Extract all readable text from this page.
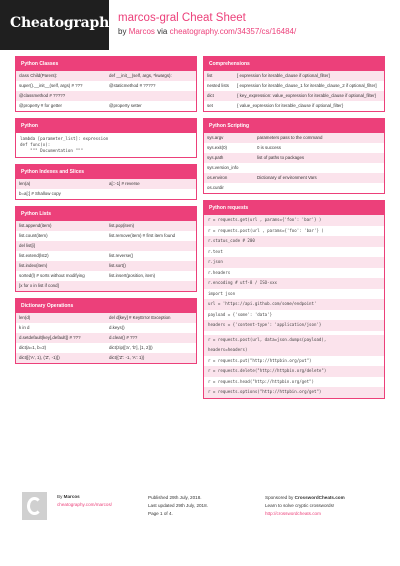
Cheatography marcos-gral Cheat Sheet
by Marcos via cheatography.com/34357/cs/16484/
Python Classes
class Child(Parent):	def __init__(self, args, *kwargs):
super().__init__(self, args) # ???	@staticmethod # ?????
@classmethod # ?????
@property # for getter	@property setter
Python
lambda [parameter_list]: expression
def func(x):
""" Documentation """
Python Indexes and Slices
len(a)	a[::-1] # reverse
b=a[:] # Shallow copy
Python Lists
list.append(item)	list.pop(item)
list.count(item)	list.remove(item) # first item found
del list[i]
list.extend(lst2)	list.reverse()
list.index(item)	list.sort()
sorted(l) # sorts without modifying	list.insert(position, item)
[x for x in list if cond]
Dictionary Operations
len(d)	del d[key] # KeyError Exception
k in d	d.keys()
d.setdefault(key[,default]) # ???	d.clear() # ???
dict(a=1, b=2)	dict(zip(['a', 'b'], [1, 2]))
dict([('A', 1), ('Z', -1)])	dict({'Z': -1, 'A': 1})
Comprehensions
list	[ expression for iterable_clause if optional_filter]
nested lists	[ expression for iterable_clause_1 for iterable_clause_2 if optional_filter]
dict	{ key_expression: value_expression for iterable_clause if optional_filter}
set	{ value_expression for iterable_clause if optional_filter}
Python Scripting
sys.argv	parameters pass to the command
sys.exit(0)	0 is success
sys.path	list of paths to packages
sys.version_info
os.environ	Dictionary of environment Vars
os.curdir
Python requests
r = requests.get(url , params={'foo': 'bar'} )
r = requests.post(url , params={'foo': 'bar'} )
r.status_code # 200
r.text
r.json
r.headers
r.encoding # utf-8 / ISO-xxx
import json
url = 'https://api.github.com/some/endpoint'
payload = {'some': 'data'}
headers = {'content-type': 'application/json'}
r = requests.post(url, data=json.dumps(payload),
headers=headers)
r = requests.put("http://httpbin.org/put")
r = requests.delete("http://httpbin.org/delete")
r = requests.head("http://httpbin.org/get")
r = requests.options("http://httpbin.org/get")
By Marcos
cheatography.com/marcos/
Published 29th July, 2018.
Last updated 29th July, 2018.
Page 1 of 4.
Sponsored by CrosswordCheats.com
Learn to solve cryptic crosswords!
http://crosswordcheats.com
